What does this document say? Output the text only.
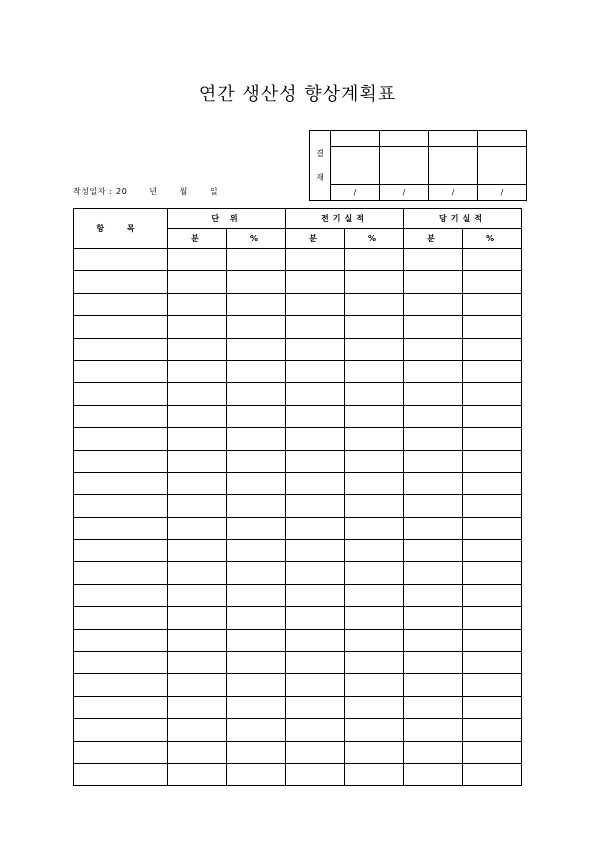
연간 생산성 향상계획표
결
재				

	/	/	/	/
작성일자 : 20	년	월	일
항 목	단 위		전기실적		당기실적	
	분	%	분	%	분	%
